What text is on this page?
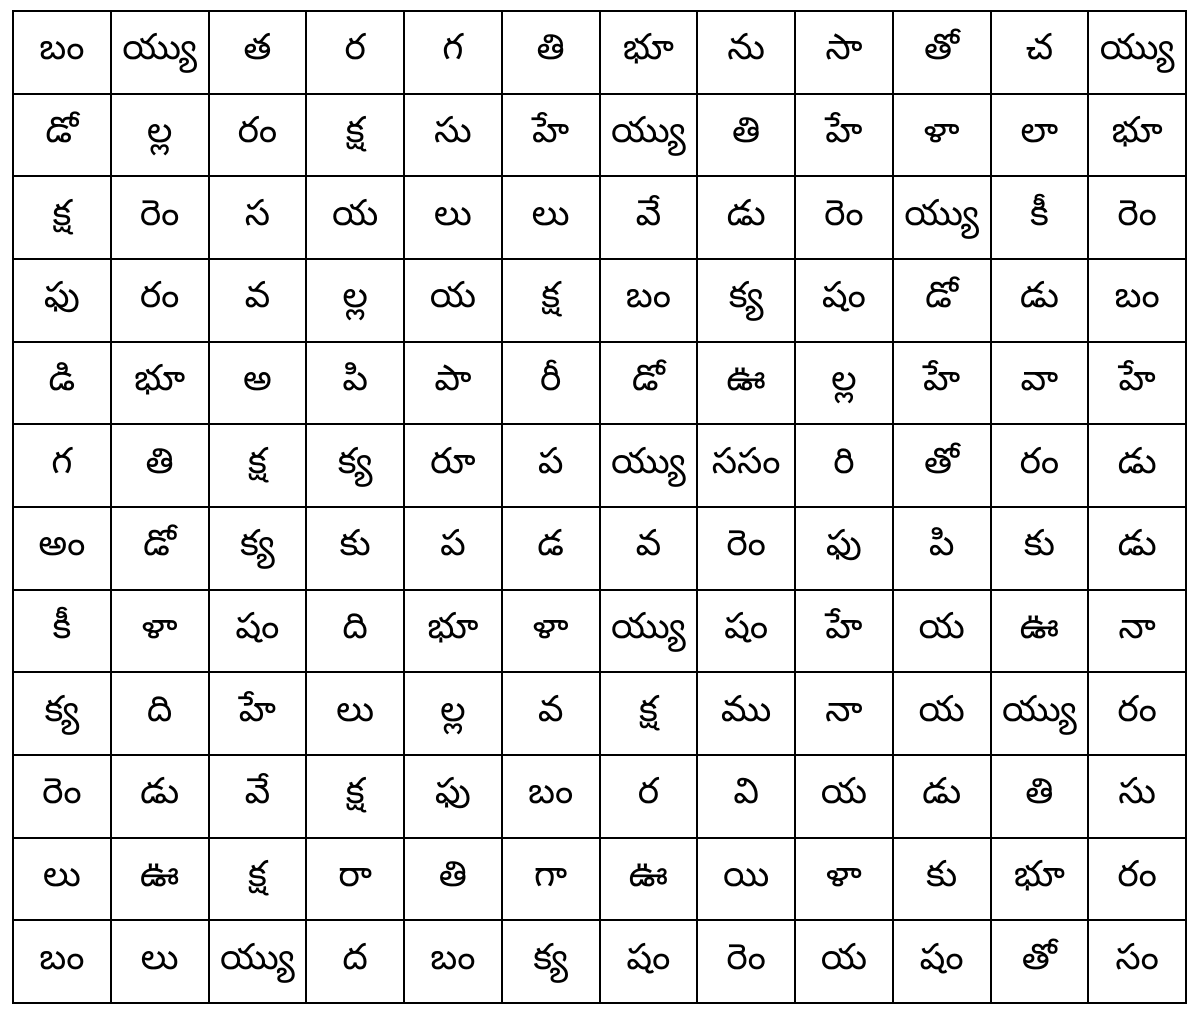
బం	య్యు	త	ర	గ	తి	భూ	ను	సా	తో	చ	య్యు
డో	ల్ల	రం	క్ష	సు	హే	య్యు	తి	హే	ళా	లా	భూ
క్ష	రెం	స	య	లు	లు	వే	డు	రెం	య్యు	కీ	రెం
ఫు	రం	వ	ల్ల	య	క్ష	బం	క్య	షం	డో	డు	బం
డి	భూ	అ	పి	పా	రీ	డో	ఊ	ల్ల	హే	వా	హే
గ	తి	క్ష	క్య	రూ	ప	య్యు	ససం	రి	తో	రం	డు
అం	డో	క్య	కు	ప	డ	వ	రెం	ఫు	పి	కు	డు
కీ	ళా	షం	ది	భూ	ళా	య్యు	షం	హే	య	ఊ	నా
క్య	ది	హే	లు	ల్ల	వ	క్ష	ము	నా	య	య్యు	రం
రెం	డు	వే	క్ష	ఫు	బం	ర	వి	య	డు	తి	సు
లు	ఊ	క్ష	రా	తి	గా	ఊ	యి	ళా	కు	భూ	రం
బం	లు	య్యు	ద	బం	క్య	షం	రెం	య	షం	తో	సం
